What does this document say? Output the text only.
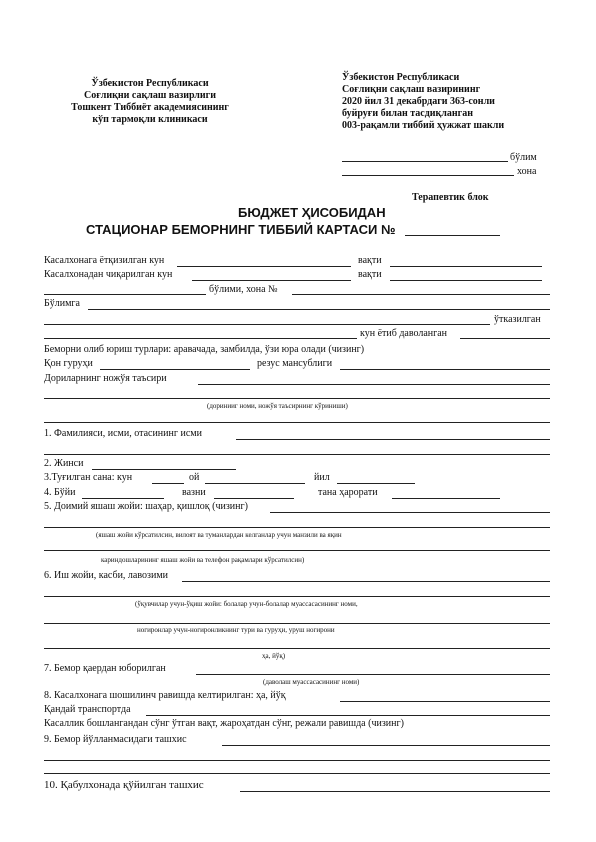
Ўзбекистон Республикаси
Соғлиқни сақлаш вазирлиги
Тошкент Тиббиёт академиясининг
кўп тармоқли клиникаси
Ўзбекистон Республикаси
Соғлиқни сақлаш вазирининг
2020 йил 31 декабрдаги 363-сонли
буйруғи билан тасдиқланган
003-рақамли тиббий ҳужжат шакли
бўлим
хона
Терапевтик блок
БЮДЖЕТ ҲИСОБИДАН
СТАЦИОНАР БЕМОРНИНГ ТИББИЙ КАРТАСИ №
Касалхонага ётқизилган кун	вақти
Касалхонадан чиқарилган кун	вақти
бўлими, хона №
Бўлимга
ўтказилган
кун ётиб даволанган
Беморни олиб юриш турлари: аравачада, замбилда, ўзи юра олади (чизинг)
Қон гуруҳи	резус мансублиги
Дориларнинг ножўя таъсири
(доринииг номи, ножўя таъсирнинг кўриниши)
1. Фамилияси, исми, отасининг исми
2. Жинси
3.Туғилган сана: кун	ой	йил
4. Бўйи	вазни	тана ҳарорати
5. Доимий яшаш жойи: шаҳар, қишлоқ (чизинг)
(яшаш жойи кўрсатилсин, вилоят ва туманлардан келганлар учун манзили ва яқин
кариндошларининг яшаш жойи ва телефон рақамлари кўрсатилсин)
6. Иш жойи, касби, лавозими
(ўқувчилар учун-ўқиш жойи: болалар учун-болалар муассасасининг номи,
ногиронлар учун-ногиронликнинг тури ва гуруҳи, уруш ногирони
ҳа, йўқ)
7. Бемор қаердан юборилган
(даволаш муассасасининг номи)
8. Касалхонага шошилинч равишда келтирилган: ҳа, йўқ
Қандай транспортда
Касаллик бошлангандан сўнг ўтган вақт, жароҳатдан сўнг, режали равишда (чизинг)
9. Бемор йўлланмасидаги ташхис
10. Қабулхонада қўйилган ташхис
